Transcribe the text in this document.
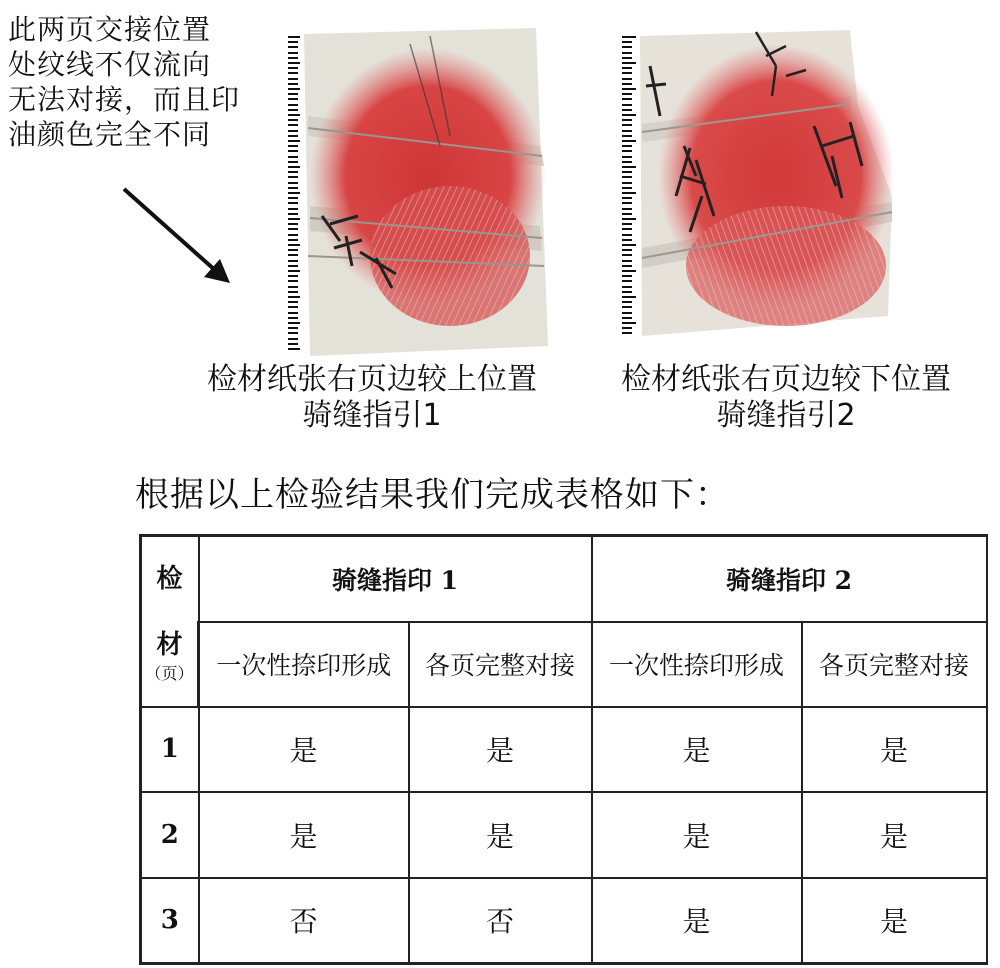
此两页交接位置
处纹线不仅流向
无法对接，而且印
油颜色完全不同
检材纸张右页边较上位置
骑缝指引1
检材纸张右页边较下位置
骑缝指引2
根据以上检验结果我们完成表格如下：
检
材
（页）	骑缝指印 1		骑缝指印 2	
	一次性捺印形成	各页完整对接	一次性捺印形成	各页完整对接
1	是	是	是	是
2	是	是	是	是
3	否	否	是	是
